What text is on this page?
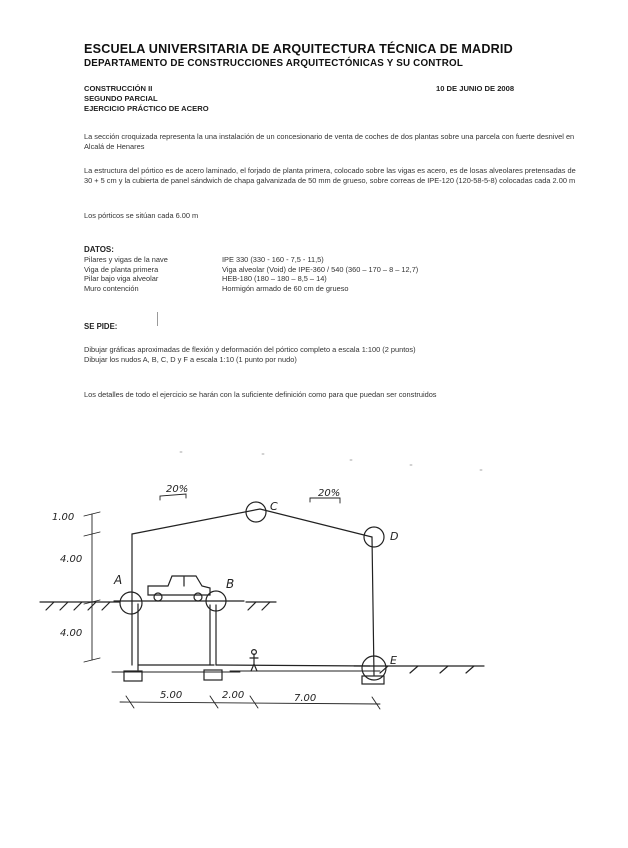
ESCUELA UNIVERSITARIA DE ARQUITECTURA TÉCNICA DE MADRID
DEPARTAMENTO DE CONSTRUCCIONES ARQUITECTÓNICAS Y SU CONTROL
CONSTRUCCIÓN II
SEGUNDO PARCIAL
EJERCICIO PRÁCTICO DE ACERO
10 DE JUNIO DE 2008
La sección croquizada representa la una instalación de un concesionario de venta de coches de dos plantas sobre una parcela con fuerte desnivel en Alcalá de Henares
La estructura del pórtico es de acero laminado, el forjado de planta primera, colocado sobre las vigas es acero, es de losas alveolares pretensadas de 30 + 5 cm y la cubierta de panel sándwich de chapa galvanizada de 50 mm de grueso, sobre correas de IPE-120 (120-58-5-8) colocadas cada 2.00 m
Los pórticos se sitúan cada 6.00 m
DATOS:
Pilares y vigas de la nave	IPE 330 (330 - 160 - 7,5 - 11,5)
Viga de planta primera	Viga alveolar (Void) de IPE-360 / 540 (360 – 170 – 8 – 12,7)
Pilar bajo viga alveolar	HEB-180 (180 – 180 – 8,5 – 14)
Muro contención	Hormigón armado de 60 cm de grueso
SE PIDE:
Dibujar gráficas aproximadas de flexión y deformación del pórtico completo a escala 1:100 (2 puntos)
Dibujar los nudos A, B, C, D y F a escala 1:10 (1 punto por nudo)
Los detalles de todo el ejercicio se harán con la suficiente definición como para que puedan ser construidos
1.00
4.00
4.00
A	B
C
D
E
20%	20%
5.00	2.00	7.00
